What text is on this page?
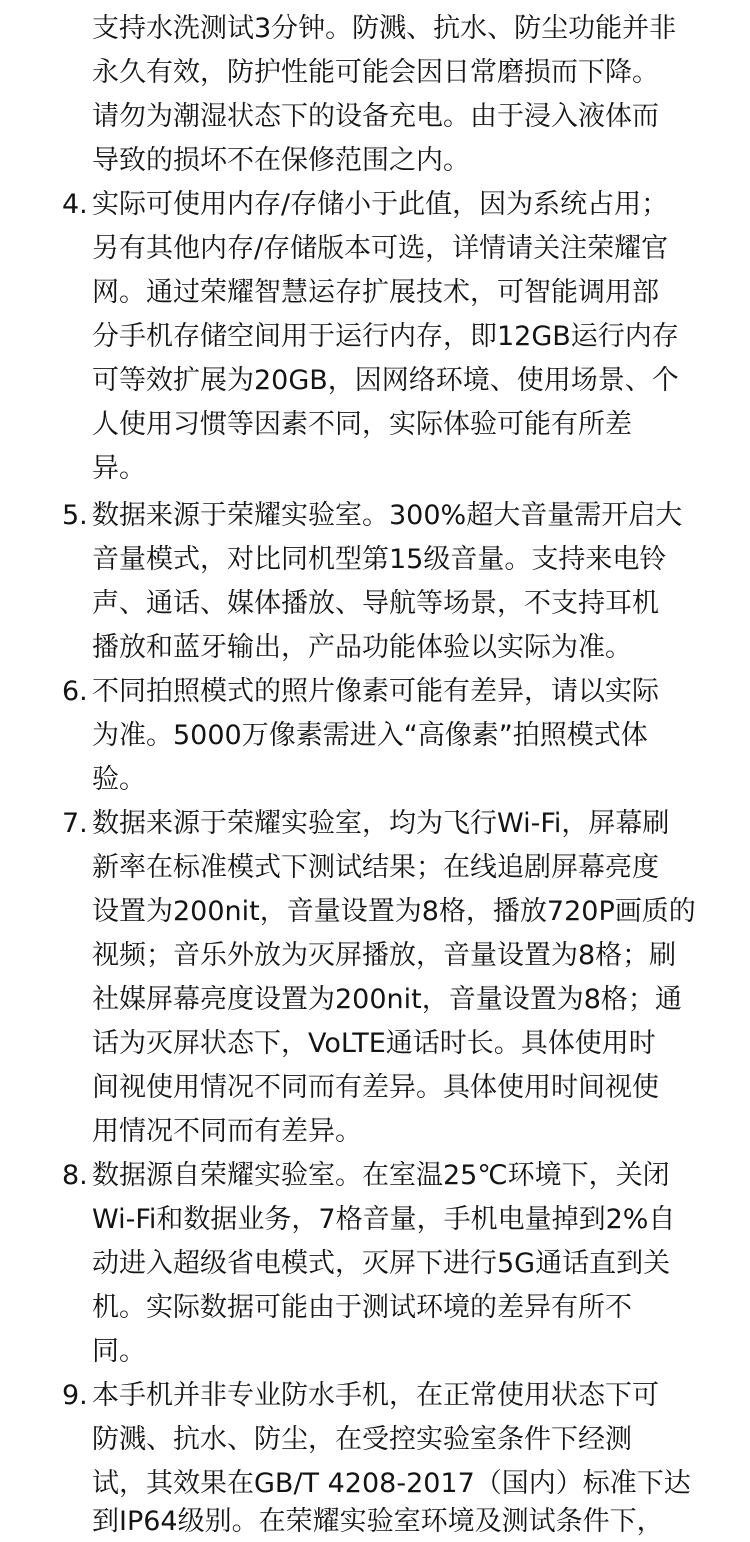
支持水洗测试3分钟。防溅、抗水、防尘功能并非
永久有效，防护性能可能会因日常磨损而下降。
请勿为潮湿状态下的设备充电。由于浸入液体而
导致的损坏不在保修范围之内。
4. 实际可使用内存/存储小于此值，因为系统占用；
另有其他内存/存储版本可选，详情请关注荣耀官
网。通过荣耀智慧运存扩展技术，可智能调用部
分手机存储空间用于运行内存，即12GB运行内存
可等效扩展为20GB，因网络环境、使用场景、个
人使用习惯等因素不同，实际体验可能有所差
异。
5. 数据来源于荣耀实验室。300%超大音量需开启大
音量模式，对比同机型第15级音量。支持来电铃
声、通话、媒体播放、导航等场景，不支持耳机
播放和蓝牙输出，产品功能体验以实际为准。
6. 不同拍照模式的照片像素可能有差异，请以实际
为准。5000万像素需进入“高像素”拍照模式体
验。
7. 数据来源于荣耀实验室，均为飞行Wi-Fi，屏幕刷
新率在标准模式下测试结果；在线追剧屏幕亮度
设置为200nit，音量设置为8格，播放720P画质的
视频；音乐外放为灭屏播放，音量设置为8格；刷
社媒屏幕亮度设置为200nit，音量设置为8格；通
话为灭屏状态下，VoLTE通话时长。具体使用时
间视使用情况不同而有差异。具体使用时间视使
用情况不同而有差异。
8. 数据源自荣耀实验室。在室温25℃环境下，关闭
Wi-Fi和数据业务，7格音量，手机电量掉到2%自
动进入超级省电模式，灭屏下进行5G通话直到关
机。实际数据可能由于测试环境的差异有所不
同。
9. 本手机并非专业防水手机，在正常使用状态下可
防溅、抗水、防尘，在受控实验室条件下经测
试，其效果在GB/T 4208-2017（国内）标准下达
到IP64级别。在荣耀实验室环境及测试条件下，
